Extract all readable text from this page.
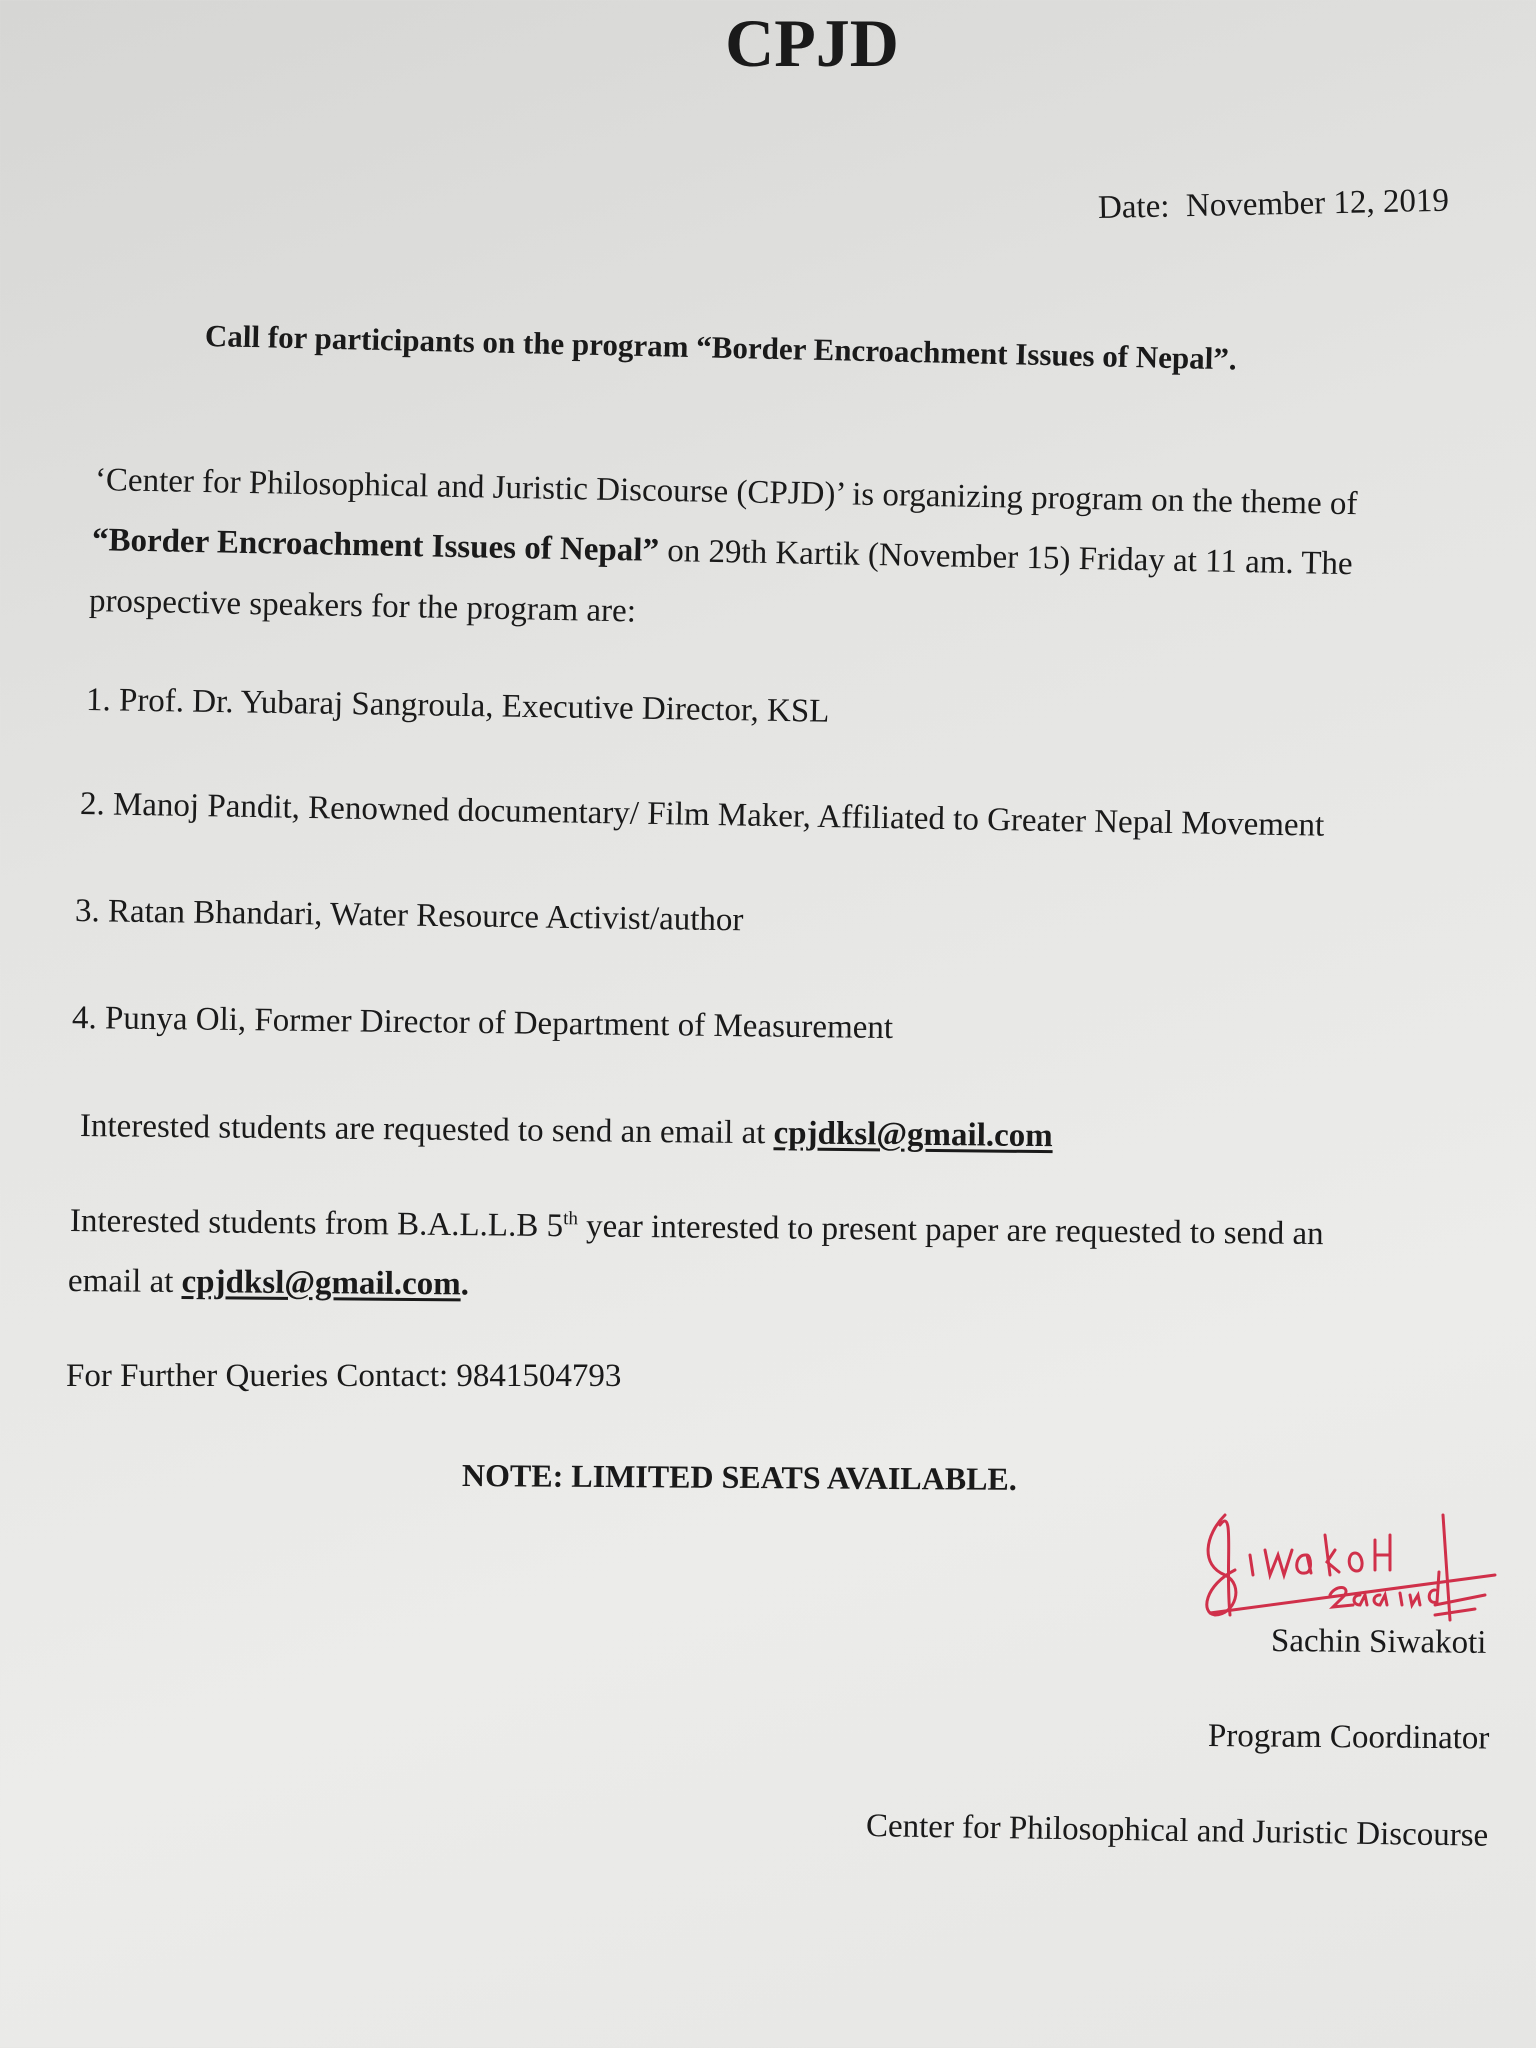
CPJD
Date: November 12, 2019
Call for participants on the program “Border Encroachment Issues of Nepal”.
‘Center for Philosophical and Juristic Discourse (CPJD)’ is organizing program on the theme of
“Border Encroachment Issues of Nepal” on 29th Kartik (November 15) Friday at 11 am. The
prospective speakers for the program are:
1. Prof. Dr. Yubaraj Sangroula, Executive Director, KSL
2. Manoj Pandit, Renowned documentary/ Film Maker, Affiliated to Greater Nepal Movement
3. Ratan Bhandari, Water Resource Activist/author
4. Punya Oli, Former Director of Department of Measurement
Interested students are requested to send an email at cpjdksl@gmail.com
Interested students from B.A.L.L.B 5th year interested to present paper are requested to send an
email at cpjdksl@gmail.com.
For Further Queries Contact: 9841504793
NOTE: LIMITED SEATS AVAILABLE.
Sachin Siwakoti
Program Coordinator
Center for Philosophical and Juristic Discourse
